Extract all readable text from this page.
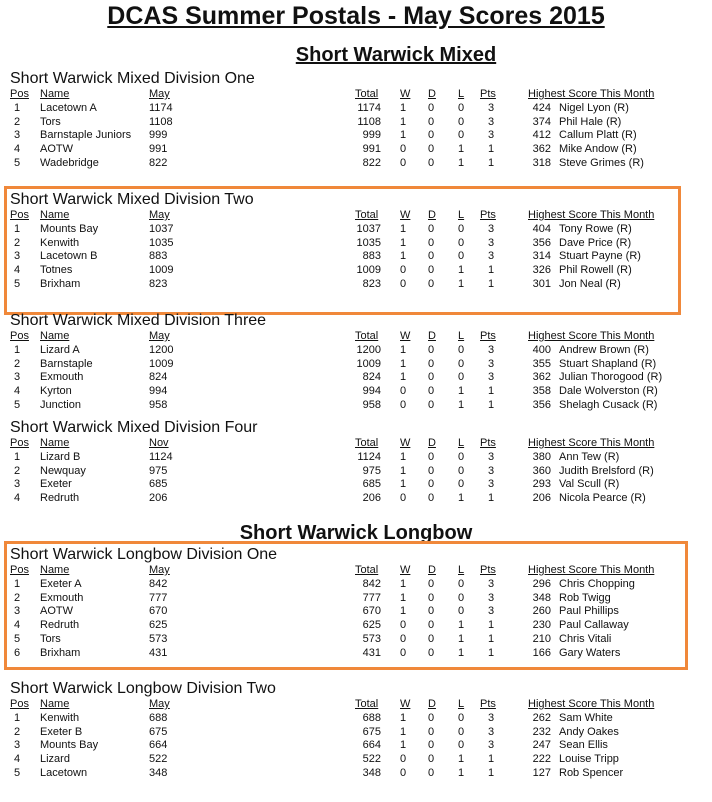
DCAS Summer Postals - May Scores 2015
Short Warwick Mixed
Short Warwick Longbow
Short Warwick Mixed Division One
Pos Name	May	Total W D L Pts	Highest Score This Month
1	Lacetown A	1174	1174 1 0 0	3	424 Nigel Lyon (R)
2	Tors	1108	1108 1 0 0	3	374 Phil Hale (R)
3	Barnstaple Juniors 999	999 1 0 0	3	412 Callum Platt (R)
4	AOTW	991	991 0 0 1	1	362 Mike Andow (R)
5	Wadebridge	822	822 0 0 1	1	318 Steve Grimes (R)
Short Warwick Mixed Division Two
Pos Name	May	Total W D L Pts	Highest Score This Month
1	Mounts Bay	1037	1037 1 0 0	3	404 Tony Rowe (R)
2	Kenwith	1035	1035 1 0 0	3	356 Dave Price (R)
3	Lacetown B	883	883 1 0 0	3	314 Stuart Payne (R)
4	Totnes	1009	1009 0 0 1	1	326 Phil Rowell (R)
5	Brixham	823	823 0 0 1	1	301 Jon Neal (R)
Short Warwick Mixed Division Three
Pos Name	May	Total W D L Pts	Highest Score This Month
1	Lizard A	1200	1200 1 0 0	3	400 Andrew Brown (R)
2	Barnstaple	1009	1009 1 0 0	3	355 Stuart Shapland (R)
3	Exmouth	824	824 1 0 0	3	362 Julian Thorogood (R)
4	Kyrton	994	994 0 0 1	1	358 Dale Wolverston (R)
5	Junction	958	958 0 0 1	1	356 Shelagh Cusack (R)
Short Warwick Mixed Division Four
Pos Name	Nov	Total W D L Pts	Highest Score This Month
1	Lizard B	1124	1124 1 0 0	3	380 Ann Tew (R)
2	Newquay	975	975 1 0 0	3	360 Judith Brelsford (R)
3	Exeter	685	685 1 0 0	3	293 Val Scull (R)
4	Redruth	206	206 0 0 1	1	206 Nicola Pearce (R)
Short Warwick Longbow Division One
Pos Name	May	Total W D L Pts	Highest Score This Month
1	Exeter A	842	842 1 0 0	3	296 Chris Chopping
2	Exmouth	777	777 1 0 0	3	348 Rob Twigg
3	AOTW	670	670 1 0 0	3	260 Paul Phillips
4	Redruth	625	625 0 0 1	1	230 Paul Callaway
5	Tors	573	573 0 0 1	1	210 Chris Vitali
6	Brixham	431	431 0 0 1	1	166 Gary Waters
Short Warwick Longbow Division Two
Pos Name	May	Total W D L Pts	Highest Score This Month
1	Kenwith	688	688 1 0 0	3	262 Sam White
2	Exeter B	675	675 1 0 0	3	232 Andy Oakes
3	Mounts Bay	664	664 1 0 0	3	247 Sean Ellis
4	Lizard	522	522 0 0 1	1	222 Louise Tripp
5	Lacetown	348	348 0 0 1	1	127 Rob Spencer
